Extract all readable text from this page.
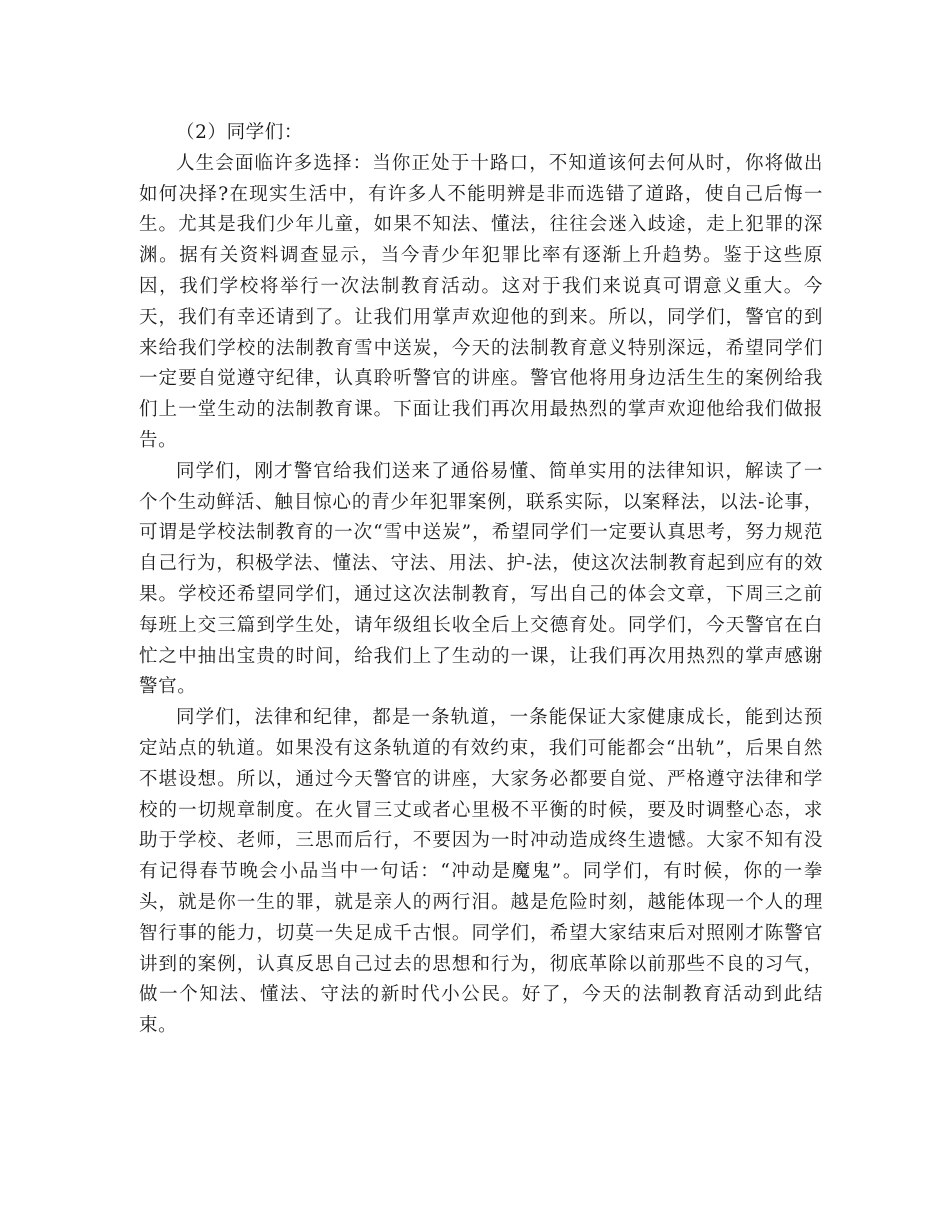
（2）同学们：

人生会面临许多选择：当你正处于十路口，不知道该何去何从时，你将做出如何决择?在现实生活中，有许多人不能明辨是非而选错了道路，使自己后悔一生。尤其是我们少年儿童，如果不知法、懂法，往往会迷入歧途，走上犯罪的深渊。据有关资料调查显示，当今青少年犯罪比率有逐渐上升趋势。鉴于这些原因，我们学校将举行一次法制教育活动。这对于我们来说真可谓意义重大。今天，我们有幸还请到了。让我们用掌声欢迎他的到来。所以，同学们，警官的到来给我们学校的法制教育雪中送炭，今天的法制教育意义特别深远，希望同学们一定要自觉遵守纪律，认真聆听警官的讲座。警官他将用身边活生生的案例给我们上一堂生动的法制教育课。下面让我们再次用最热烈的掌声欢迎他给我们做报告。

同学们，刚才警官给我们送来了通俗易懂、简单实用的法律知识，解读了一个个生动鲜活、触目惊心的青少年犯罪案例，联系实际，以案释法，以法-论事，可谓是学校法制教育的一次“雪中送炭”，希望同学们一定要认真思考，努力规范自己行为，积极学法、懂法、守法、用法、护-法，使这次法制教育起到应有的效果。学校还希望同学们，通过这次法制教育，写出自己的体会文章，下周三之前每班上交三篇到学生处，请年级组长收全后上交德育处。同学们，今天警官在白忙之中抽出宝贵的时间，给我们上了生动的一课，让我们再次用热烈的掌声感谢警官。

同学们，法律和纪律，都是一条轨道，一条能保证大家健康成长，能到达预定站点的轨道。如果没有这条轨道的有效约束，我们可能都会“出轨”，后果自然不堪设想。所以，通过今天警官的讲座，大家务必都要自觉、严格遵守法律和学校的一切规章制度。在火冒三丈或者心里极不平衡的时候，要及时调整心态，求助于学校、老师，三思而后行，不要因为一时冲动造成终生遗憾。大家不知有没有记得春节晚会小品当中一句话：“冲动是魔鬼”。同学们，有时候，你的一拳头，就是你一生的罪，就是亲人的两行泪。越是危险时刻，越能体现一个人的理智行事的能力，切莫一失足成千古恨。同学们，希望大家结束后对照刚才陈警官讲到的案例，认真反思自己过去的思想和行为，彻底革除以前那些不良的习气，做一个知法、懂法、守法的新时代小公民。好了，今天的法制教育活动到此结束。
